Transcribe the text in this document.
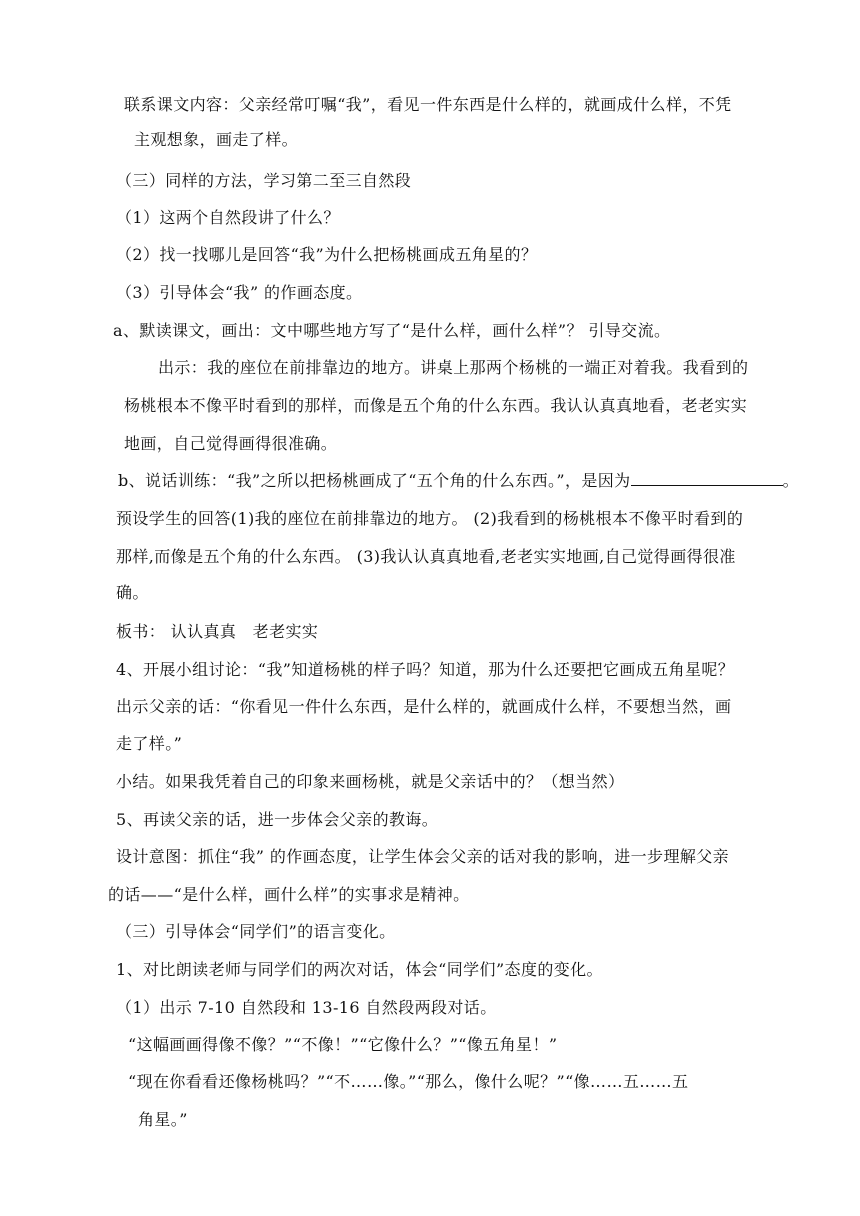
联系课文内容：父亲经常叮嘱“我”，看见一件东西是什么样的，就画成什么样，不凭
主观想象，画走了样。
（三）同样的方法，学习第二至三自然段
（1）这两个自然段讲了什么？
（2）找一找哪儿是回答“我”为什么把杨桃画成五角星的？
（3）引导体会“我” 的作画态度。
a、默读课文，画出：文中哪些地方写了“是什么样，画什么样”？ 引导交流。
出示：我的座位在前排靠边的地方。讲桌上那两个杨桃的一端正对着我。我看到的
杨桃根本不像平时看到的那样，而像是五个角的什么东西。我认认真真地看，老老实实
地画，自己觉得画得很准确。
b、说话训练：“我”之所以把杨桃画成了“五个角的什么东西。”，是因为	。
预设学生的回答(1)我的座位在前排靠边的地方。 (2)我看到的杨桃根本不像平时看到的
那样,而像是五个角的什么东西。 (3)我认认真真地看,老老实实地画,自己觉得画得很准
确。
板书： 认认真真　老老实实
4、开展小组讨论：“我”知道杨桃的样子吗？知道，那为什么还要把它画成五角星呢？
出示父亲的话：“你看见一件什么东西，是什么样的，就画成什么样，不要想当然，画
走了样。”
小结。如果我凭着自己的印象来画杨桃，就是父亲话中的？（想当然）
5、再读父亲的话，进一步体会父亲的教诲。
设计意图：抓住“我” 的作画态度，让学生体会父亲的话对我的影响，进一步理解父亲
的话——“是什么样，画什么样”的实事求是精神。
（三）引导体会“同学们”的语言变化。
1、对比朗读老师与同学们的两次对话，体会“同学们”态度的变化。
（1）出示 7-10 自然段和 13-16 自然段两段对话。
“这幅画画得像不像？”“不像！”“它像什么？”“像五角星！”
“现在你看看还像杨桃吗？”“不……像。”“那么，像什么呢？”“像……五……五
角星。”
